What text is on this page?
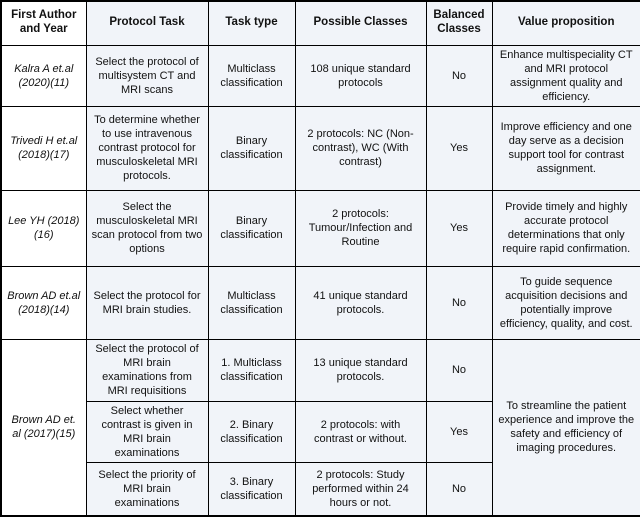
First Author and Year	Protocol Task	Task type	Possible Classes	Balanced Classes	Value proposition
Kalra A et.al (2020)(11)	Select the protocol of multisystem CT and MRI scans	Multiclass classification	108 unique standard protocols	No	Enhance multispeciality CT and MRI protocol assignment quality and efficiency.
Trivedi H et.al (2018)(17)	To determine whether to use intravenous contrast protocol for musculoskeletal MRI protocols.	Binary classification	2 protocols: NC (Non-contrast), WC (With contrast)	Yes	Improve efficiency and one day serve as a decision support tool for contrast assignment.
Lee YH (2018)(16)	Select the musculoskeletal MRI scan protocol from two options	Binary classification	2 protocols: Tumour/Infection and Routine	Yes	Provide timely and highly accurate protocol determinations that only require rapid confirmation.
Brown AD et.al (2018)(14)	Select the protocol for MRI brain studies.	Multiclass classification	41 unique standard protocols.	No	To guide sequence acquisition decisions and potentially improve efficiency, quality, and cost.
Brown AD et. al (2017)(15)	Select the protocol of MRI brain examinations from MRI requisitions	1. Multiclass classification	13 unique standard protocols.	No	To streamline the patient experience and improve the safety and efficiency of imaging procedures.
	Select whether contrast is given in MRI brain examinations	2. Binary classification	2 protocols: with contrast or without.	Yes	
	Select the priority of MRI brain examinations	3. Binary classification	2 protocols: Study performed within 24 hours or not.	No	
